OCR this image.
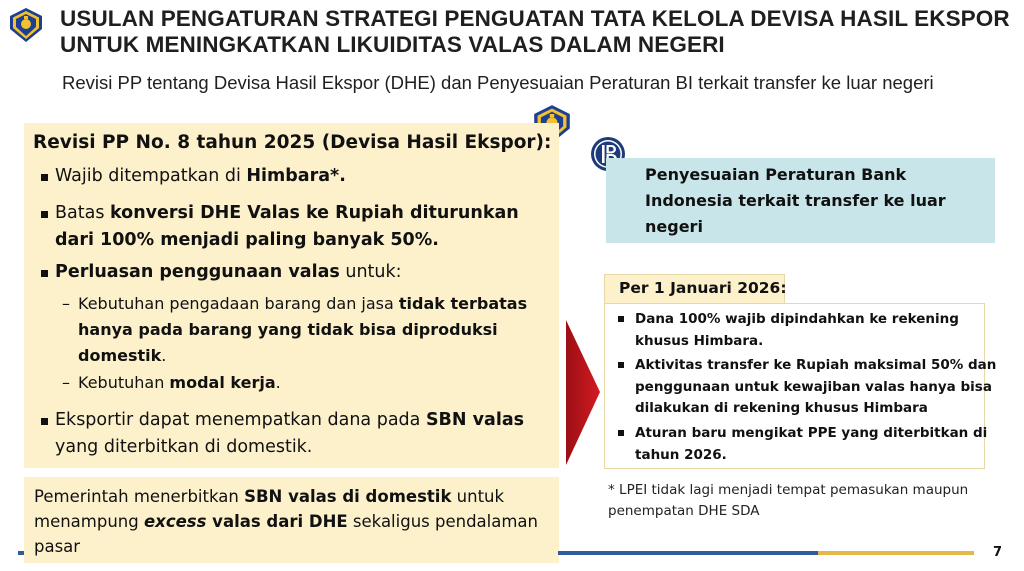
USULAN PENGATURAN STRATEGI PENGUATAN TATA KELOLA DEVISA HASIL EKSPOR
UNTUK MENINGKATKAN LIKUIDITAS VALAS DALAM NEGERI
Revisi PP tentang Devisa Hasil Ekspor (DHE) dan Penyesuaian Peraturan BI terkait transfer ke luar negeri
Revisi PP No. 8 tahun 2025 (Devisa Hasil Ekspor):
Wajib ditempatkan di Himbara*.
Batas konversi DHE Valas ke Rupiah diturunkan
dari 100% menjadi paling banyak 50%.
Perluasan penggunaan valas untuk:
– Kebutuhan pengadaan barang dan jasa tidak terbatas
hanya pada barang yang tidak bisa diproduksi
domestik.
– Kebutuhan modal kerja.
Eksportir dapat menempatkan dana pada SBN valas
yang diterbitkan di domestik.
Pemerintah menerbitkan SBN valas di domestik untuk
menampung excess valas dari DHE sekaligus pendalaman
pasar
Penyesuaian Peraturan Bank
Indonesia terkait transfer ke luar
negeri
Per 1 Januari 2026:
Dana 100% wajib dipindahkan ke rekening
khusus Himbara.
Aktivitas transfer ke Rupiah maksimal 50% dan
penggunaan untuk kewajiban valas hanya bisa
dilakukan di rekening khusus Himbara
Aturan baru mengikat PPE yang diterbitkan di
tahun 2026.
* LPEI tidak lagi menjadi tempat pemasukan maupun
penempatan DHE SDA
7
